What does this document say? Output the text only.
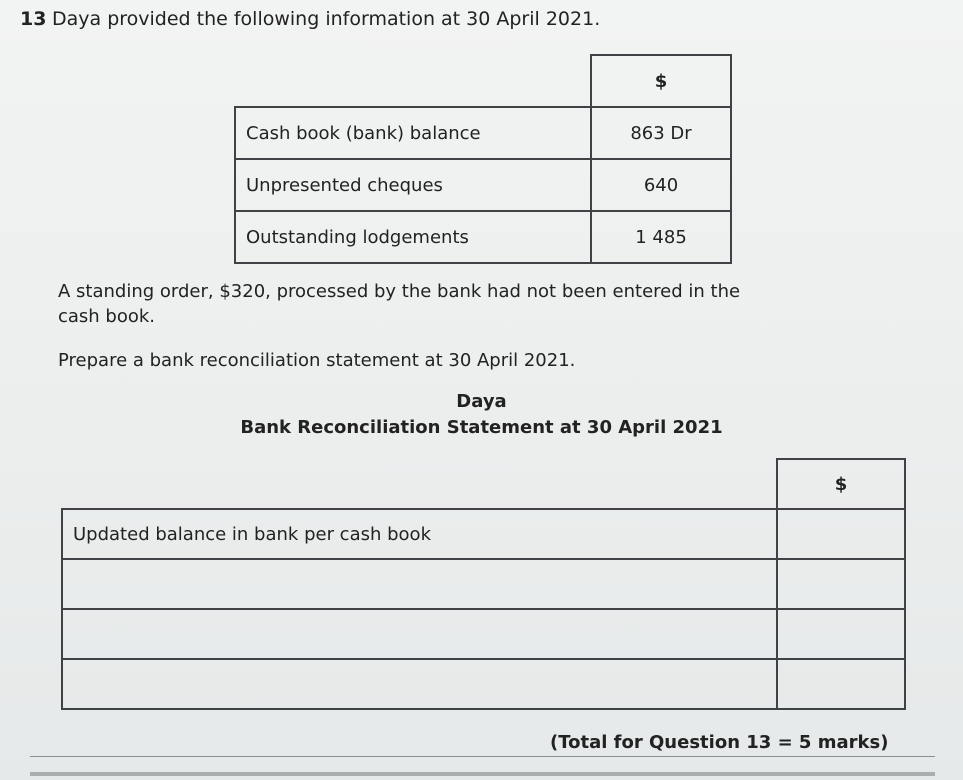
13 Daya provided the following information at 30 April 2021.
	$
Cash book (bank) balance	863 Dr
Unpresented cheques	640
Outstanding lodgements	1 485
A standing order, $320, processed by the bank had not been entered in the
cash book.
Prepare a bank reconciliation statement at 30 April 2021.
Daya
Bank Reconciliation Statement at 30 April 2021
	$
Updated balance in bank per cash book	

(Total for Question 13 = 5 marks)
